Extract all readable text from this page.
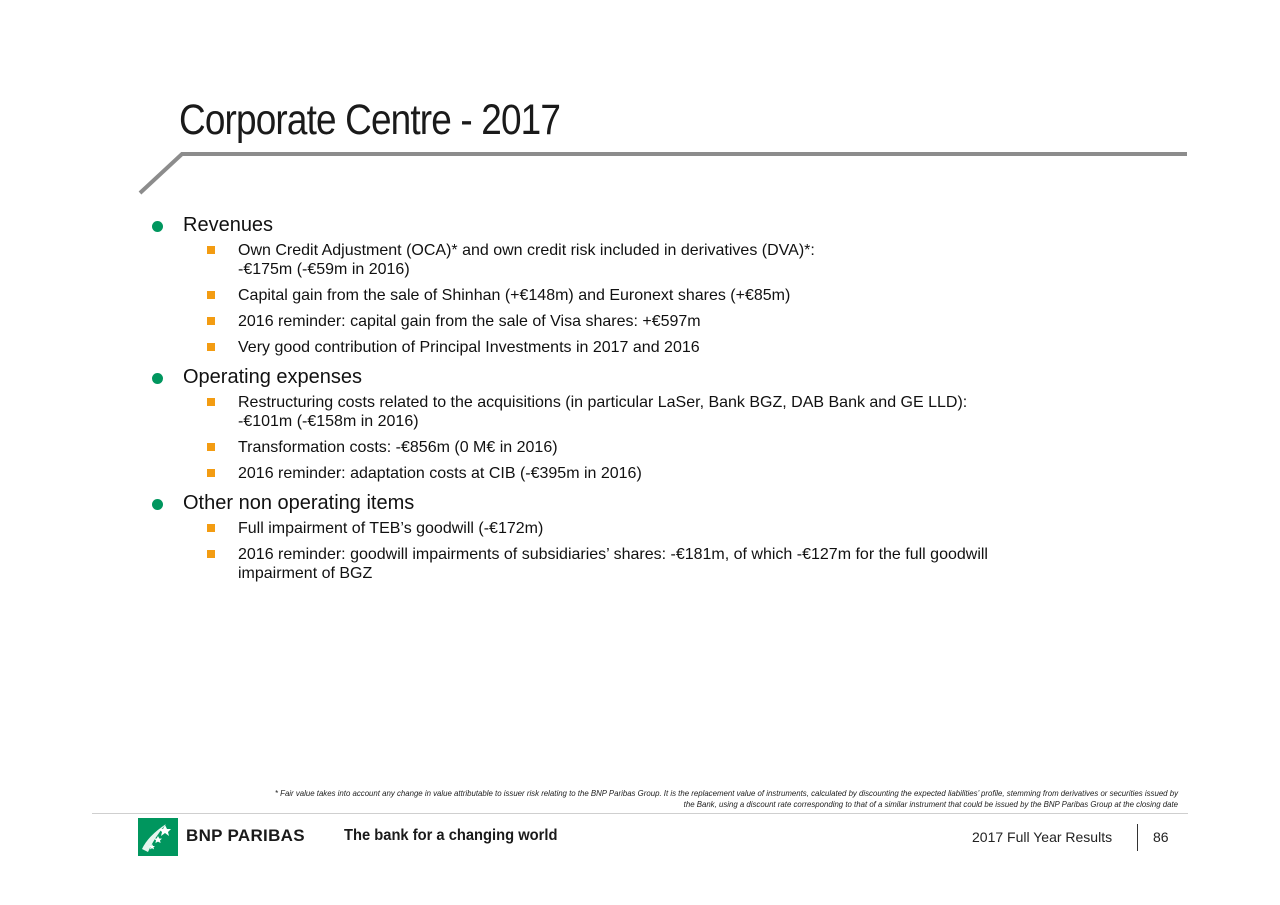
Corporate Centre - 2017
Revenues
Own Credit Adjustment (OCA)* and own credit risk included in derivatives (DVA)*:
-€175m (-€59m in 2016)
Capital gain from the sale of Shinhan (+€148m) and Euronext shares (+€85m)
2016 reminder: capital gain from the sale of Visa shares: +€597m
Very good contribution of Principal Investments in 2017 and 2016
Operating expenses
Restructuring costs related to the acquisitions (in particular LaSer, Bank BGZ, DAB Bank and GE LLD):
-€101m (-€158m in 2016)
Transformation costs: -€856m (0 M€ in 2016)
2016 reminder: adaptation costs at CIB (-€395m in 2016)
Other non operating items
Full impairment of TEB’s goodwill (-€172m)
2016 reminder: goodwill impairments of subsidiaries’ shares: -€181m, of which -€127m for the full goodwill
impairment of BGZ
* Fair value takes into account any change in value attributable to issuer risk relating to the BNP Paribas Group. It is the replacement value of instruments, calculated by discounting the expected liabilities’ profile, stemming from derivatives or securities issued by
the Bank, using a discount rate corresponding to that of a similar instrument that could be issued by the BNP Paribas Group at the closing date
BNP PARIBAS The bank for a changing world	2017 Full Year Results	86
